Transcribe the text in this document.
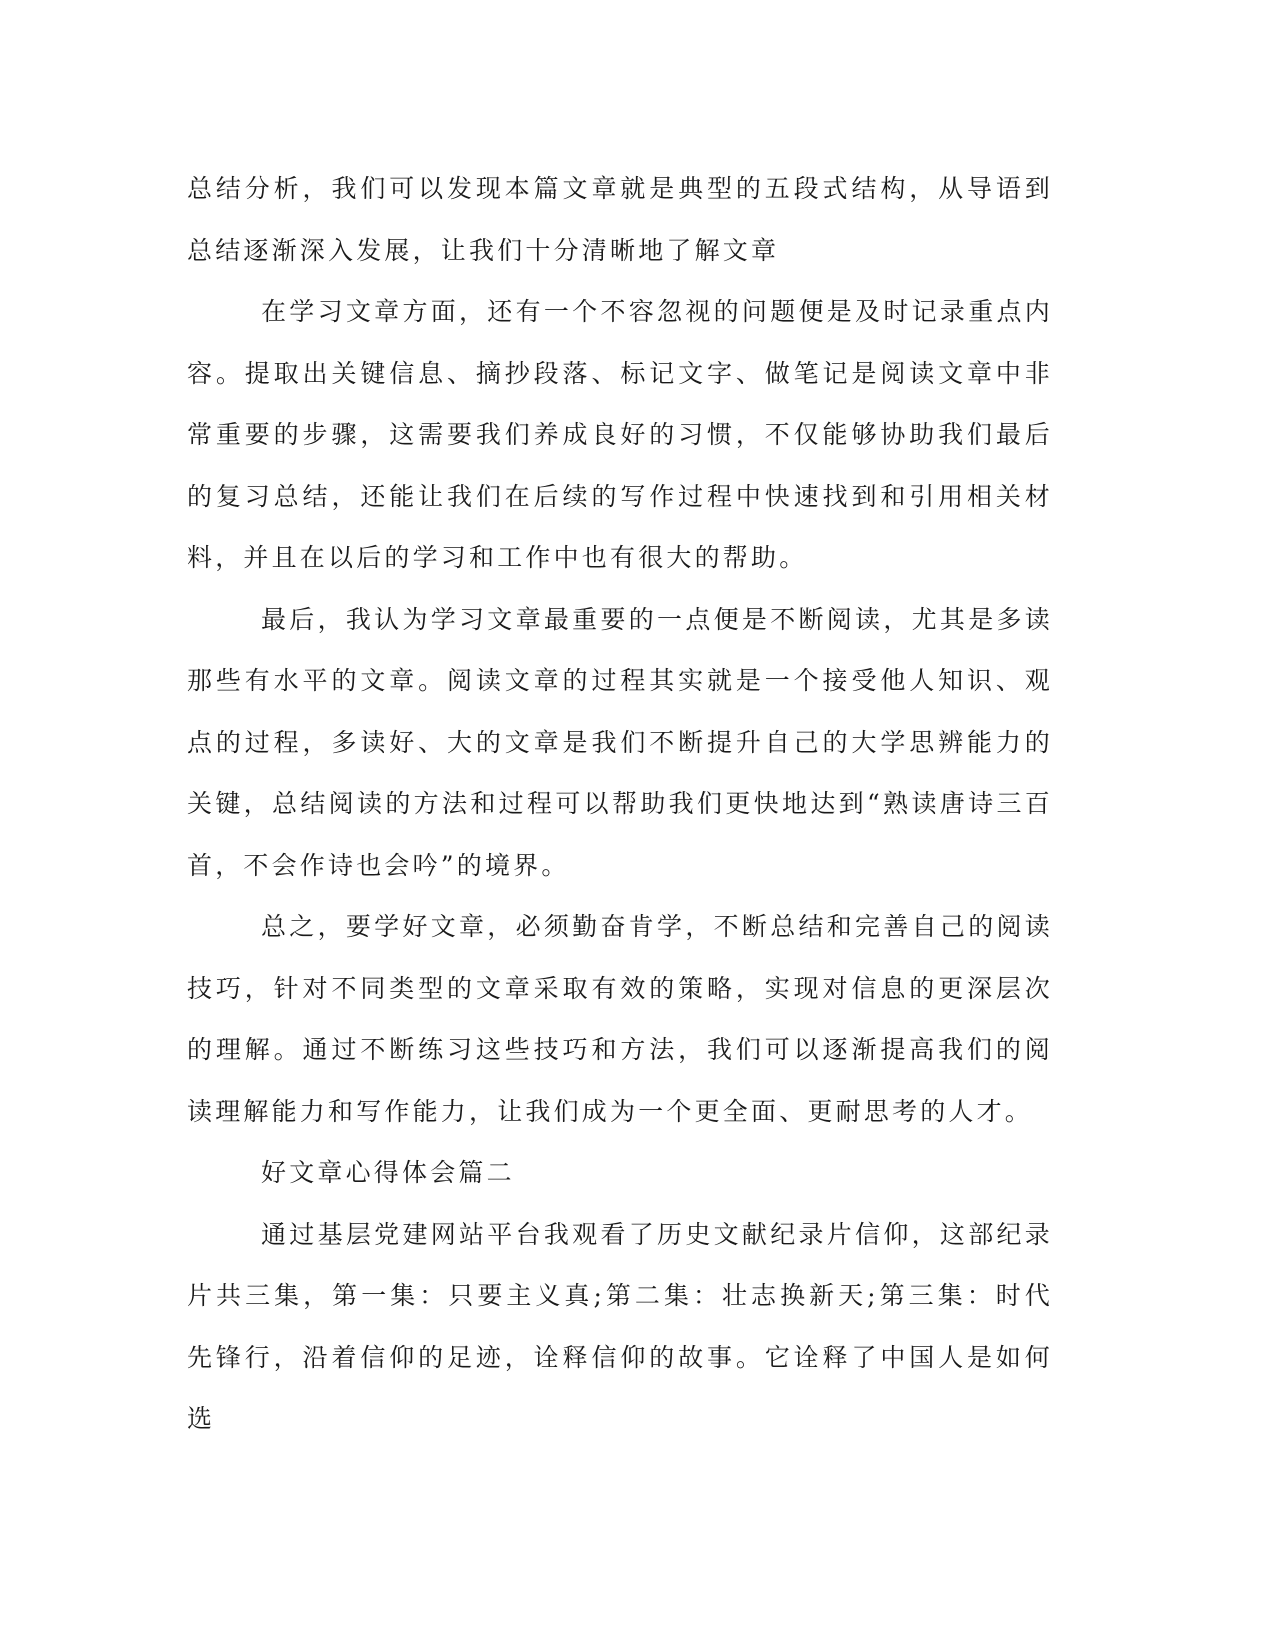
总结分析，我们可以发现本篇文章就是典型的五段式结构，从导语到总结逐渐深入发展，让我们十分清晰地了解文章

在学习文章方面，还有一个不容忽视的问题便是及时记录重点内容。提取出关键信息、摘抄段落、标记文字、做笔记是阅读文章中非常重要的步骤，这需要我们养成良好的习惯，不仅能够协助我们最后的复习总结，还能让我们在后续的写作过程中快速找到和引用相关材料，并且在以后的学习和工作中也有很大的帮助。

最后，我认为学习文章最重要的一点便是不断阅读，尤其是多读那些有水平的文章。阅读文章的过程其实就是一个接受他人知识、观点的过程，多读好、大的文章是我们不断提升自己的大学思辨能力的关键，总结阅读的方法和过程可以帮助我们更快地达到“熟读唐诗三百首，不会作诗也会吟”的境界。

总之，要学好文章，必须勤奋肯学，不断总结和完善自己的阅读技巧，针对不同类型的文章采取有效的策略，实现对信息的更深层次的理解。通过不断练习这些技巧和方法，我们可以逐渐提高我们的阅读理解能力和写作能力，让我们成为一个更全面、更耐思考的人才。

好文章心得体会篇二

通过基层党建网站平台我观看了历史文献纪录片信仰，这部纪录片共三集，第一集：只要主义真;第二集：壮志换新天;第三集：时代先锋行，沿着信仰的足迹，诠释信仰的故事。它诠释了中国人是如何选
